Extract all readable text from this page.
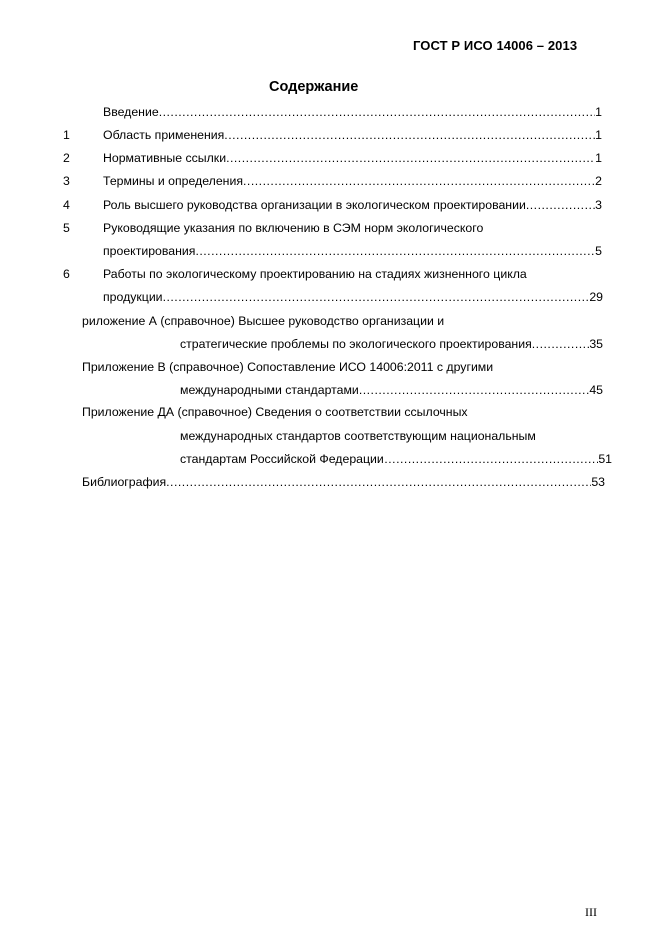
ГОСТ Р ИСО 14006 – 2013
Содержание
Введение .....	1
1	Область применения .....	1
2	Нормативные ссылки .....	1
3	Термины и определения .....	2
4	Роль высшего руководства организации в экологическом проектировании .....	3
5	Руководящие указания по включению в СЭМ норм экологического
проектирования .....	5
6	Работы по экологическому проектированию на стадиях жизненного цикла
продукции .....	29
риложение А (справочное) Высшее руководство организации и
стратегические проблемы по экологического проектирования .....	35
Приложение В (справочное) Сопоставление ИСО 14006:2011 с другими
международными стандартами .....	45
Приложение ДА (справочное) Сведения о соответствии ссылочных
международных стандартов соответствующим национальным
стандартам Российской Федерации… .....	51
Библиография .....	53
III
